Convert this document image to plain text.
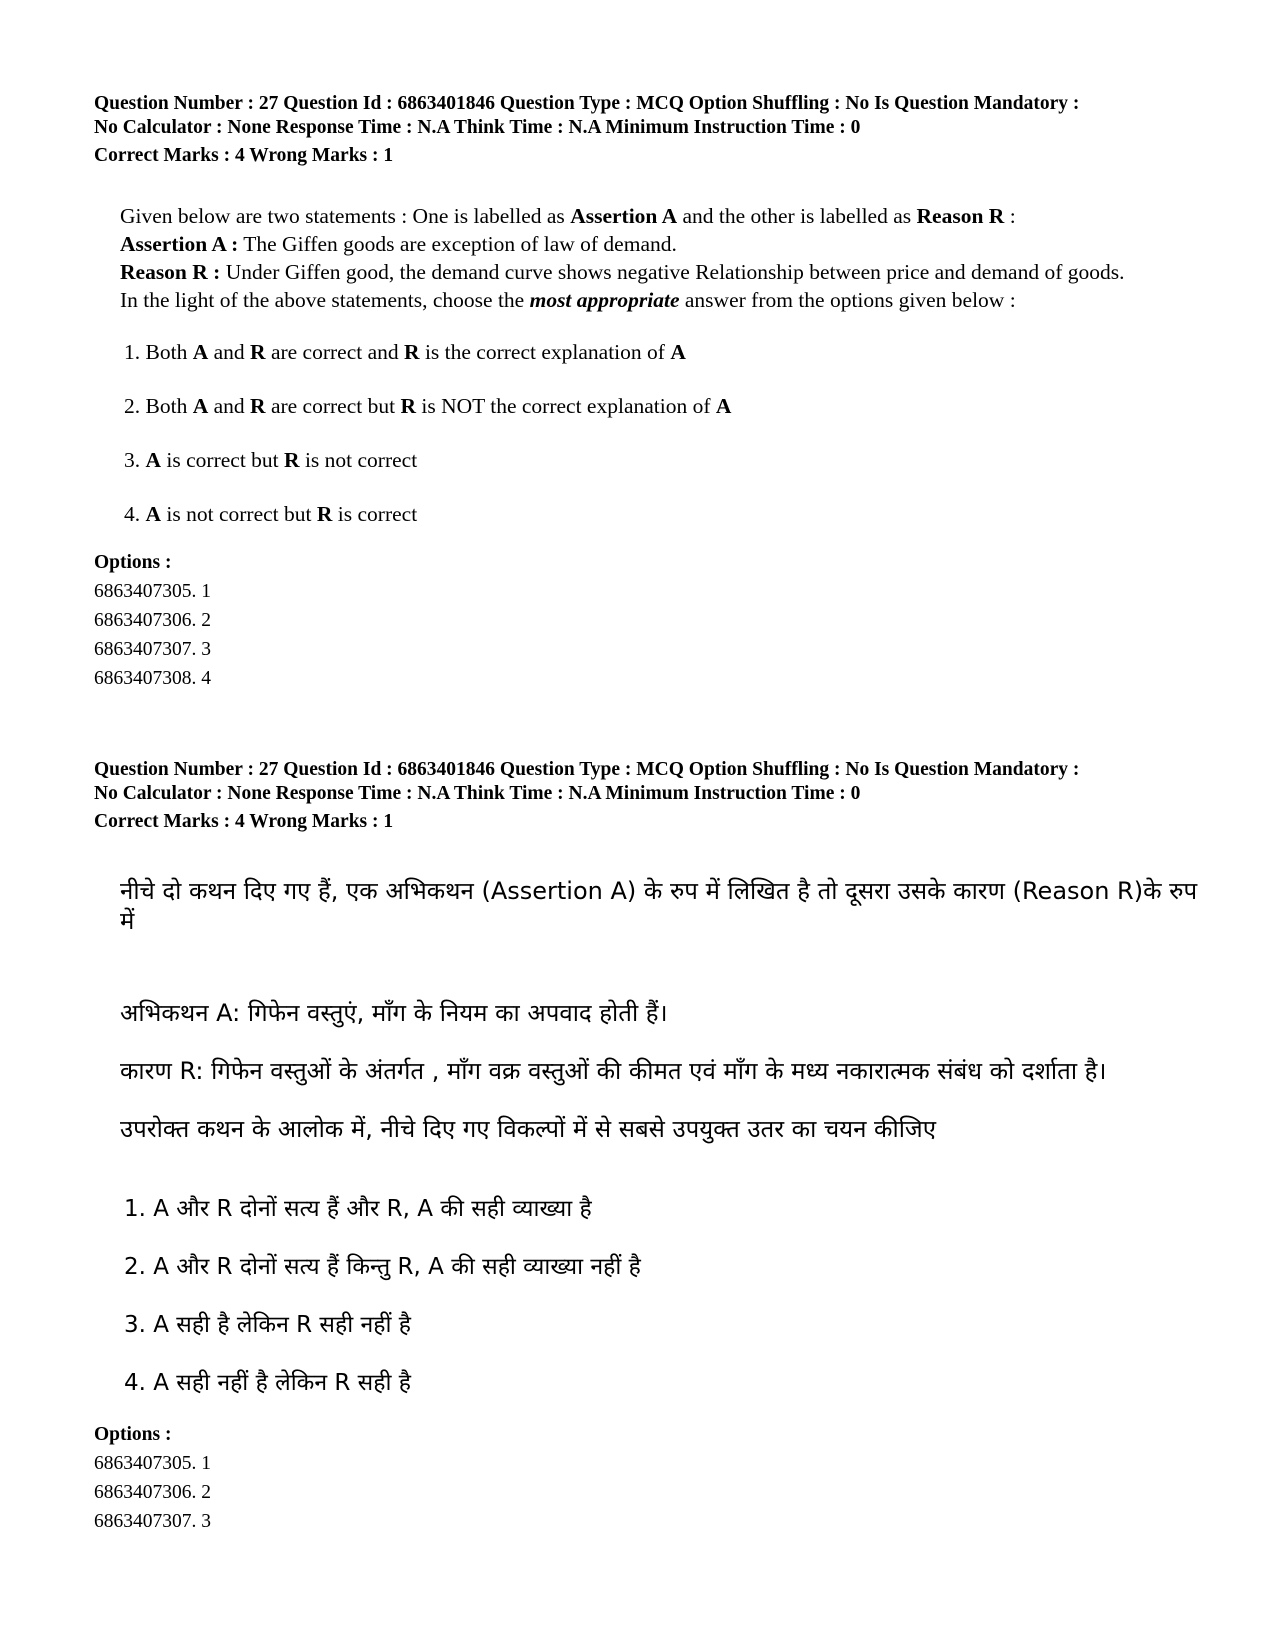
Question Number : 27 Question Id : 6863401846 Question Type : MCQ Option Shuffling : No Is Question Mandatory :

No Calculator : None Response Time : N.A Think Time : N.A Minimum Instruction Time : 0

Correct Marks : 4 Wrong Marks : 1

Given below are two statements : One is labelled as Assertion A and the other is labelled as Reason R :

Assertion A : The Giffen goods are exception of law of demand.

Reason R : Under Giffen good, the demand curve shows negative Relationship between price and demand of goods.

In the light of the above statements, choose the most appropriate answer from the options given below :

1. Both A and R are correct and R is the correct explanation of A
2. Both A and R are correct but R is NOT the correct explanation of A
3. A is correct but R is not correct
4. A is not correct but R is correct
Options :
6863407305. 1
6863407306. 2
6863407307. 3
6863407308. 4

Question Number : 27 Question Id : 6863401846 Question Type : MCQ Option Shuffling : No Is Question Mandatory :

No Calculator : None Response Time : N.A Think Time : N.A Minimum Instruction Time : 0

Correct Marks : 4 Wrong Marks : 1

नीचे दो कथन दिए गए हैं, एक अभिकथन (Assertion A) के रुप में लिखित है तो दूसरा उसके कारण (Reason R)के रुप में

अभिकथन A: गिफेन वस्तुएं, माँग के नियम का अपवाद होती हैं।

कारण R: गिफेन वस्तुओं के अंतर्गत , माँग वक्र वस्तुओं की कीमत एवं माँग के मध्य नकारात्मक संबंध को दर्शाता है।

उपरोक्त कथन के आलोक में, नीचे दिए गए विकल्पों में से सबसे उपयुक्त उतर का चयन कीजिए

1. A और R दोनों सत्य हैं और R, A की सही व्याख्या है
2. A और R दोनों सत्य हैं किन्तु R, A की सही व्याख्या नहीं है
3. A सही है लेकिन R सही नहीं है
4. A सही नहीं है लेकिन R सही है
Options :
6863407305. 1
6863407306. 2
6863407307. 3
